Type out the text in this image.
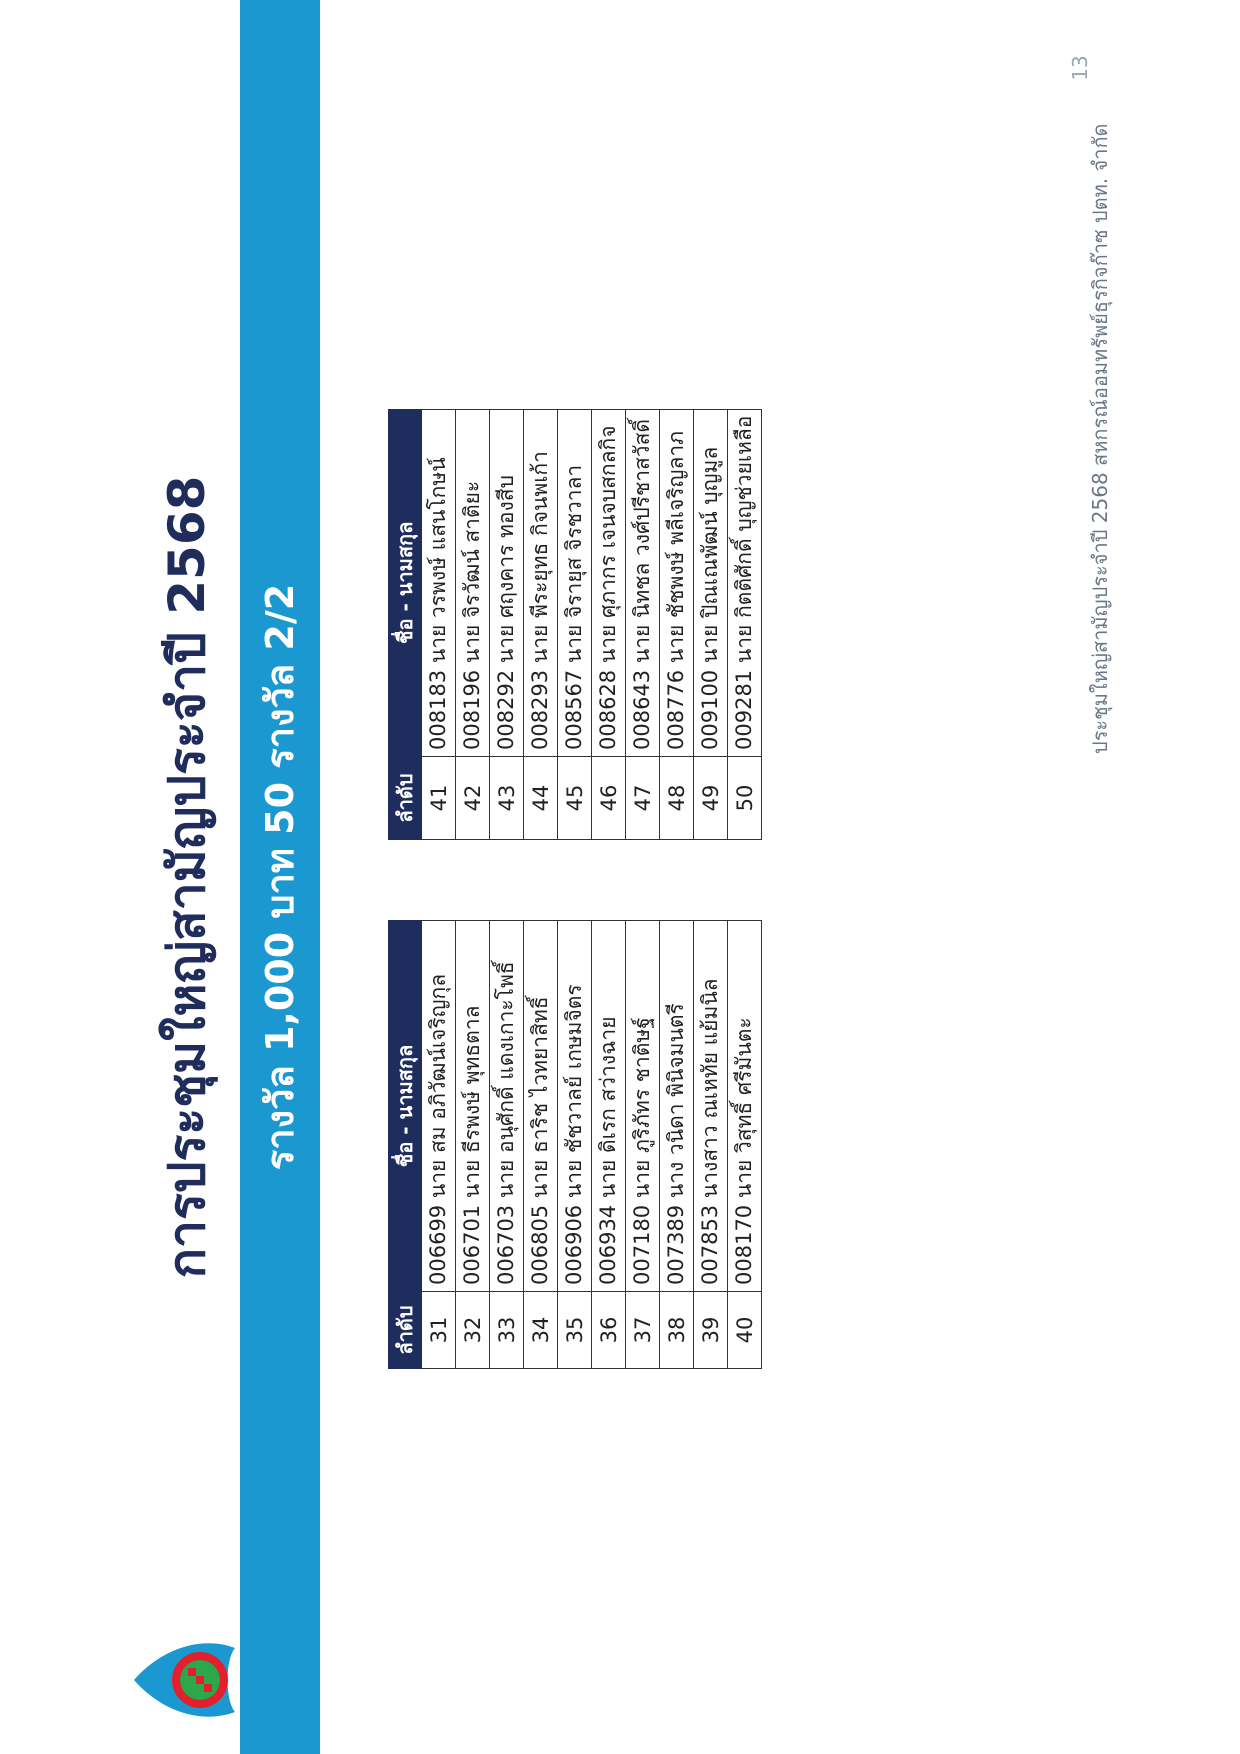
การประชุมใหญ่สามัญประจำปี 2568 รางวัล 1,000 บาท 50 รางวัล 2/2
ลำดับ	ชื่อ - นามสกุล
31	006699 นาย สม อภิวัฒน์เจริญกุล
32	006701 นาย ธีรพงษ์ พุทธตาล
33	006703 นาย อนุศักดิ์ แดงเกาะโพธิ์
34	006805 นาย ธาริช ไวทยาสิทธิ์
35	006906 นาย ชัชวาลย์ เกษมจิตร
36	006934 นาย ดิเรก สว่างฉาย
37	007180 นาย ภูริภัทร ชาติษฐ์
38	007389 นาง วนิดา พินิจมนตรี
39	007853 นางสาว ณเหทัย แย้มนิล
40	008170 นาย วิสุทธิ์ ศรีมันตะ
ลำดับ	ชื่อ - นามสกุล
41	008183 นาย วรพงษ์ แสนโกษน์
42	008196 นาย จิรวัฒน์ สาติยะ
43	008292 นาย ศฤงคาร ทองสีบ
44	008293 นาย พีระยุทธ กิจนพเก้า
45	008567 นาย จิรายุส จิรชวาลา
46	008628 นาย ศุภากร เจนจบสกลกิจ
47	008643 นาย นิทชล วงศ์ปรีชาสวัสดิ์
48	008776 นาย ชัชพงษ์ พลีเจริญลาภ
49	009100 นาย ปิณเณพัฒน์ บุญมูล
50	009281 นาย กิตติศักดิ์ บุญช่วยเหลือ	ประชุมใหญ่สามัญประจำปี 2568 สหกรณ์ออมทรัพย์ธุรกิจก๊าซ ปตท. จำกัด
13
